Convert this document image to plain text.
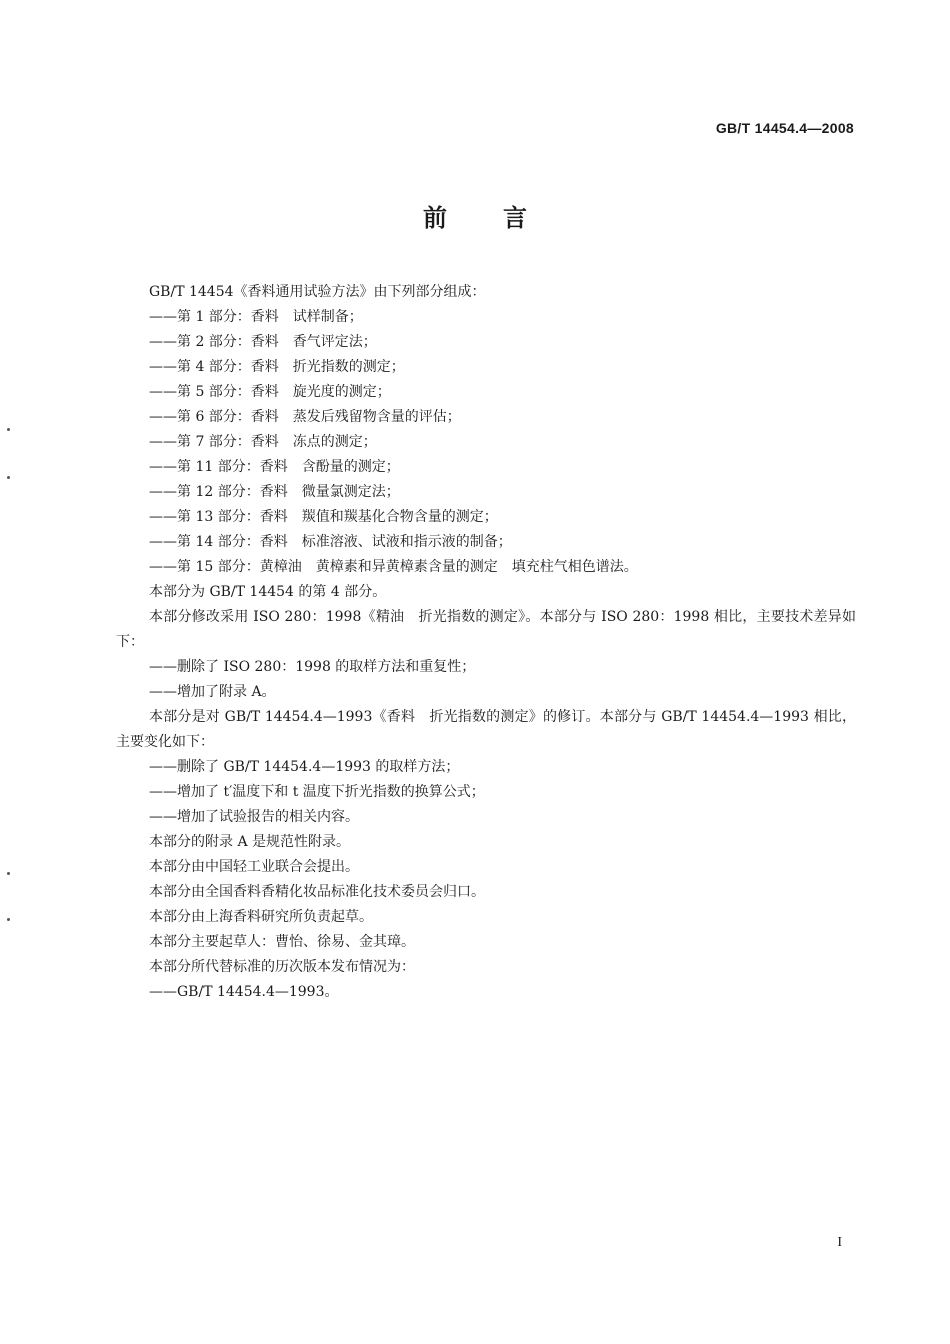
GB/T 14454.4—2008
前言

GB/T 14454《香料通用试验方法》由下列部分组成：

——第 1 部分：香料　试样制备；

——第 2 部分：香料　香气评定法；

——第 4 部分：香料　折光指数的测定；

——第 5 部分：香料　旋光度的测定；

——第 6 部分：香料　蒸发后残留物含量的评估；

——第 7 部分：香料　冻点的测定；

——第 11 部分：香料　含酚量的测定；

——第 12 部分：香料　微量氯测定法；

——第 13 部分：香料　羰值和羰基化合物含量的测定；

——第 14 部分：香料　标准溶液、试液和指示液的制备；

——第 15 部分：黄樟油　黄樟素和异黄樟素含量的测定　填充柱气相色谱法。

本部分为 GB/T 14454 的第 4 部分。

本部分修改采用 ISO 280：1998《精油　折光指数的测定》。本部分与 ISO 280：1998 相比，主要技术差异如下：

——删除了 ISO 280：1998 的取样方法和重复性；

——增加了附录 A。

本部分是对 GB/T 14454.4—1993《香料　折光指数的测定》的修订。本部分与 GB/T 14454.4—1993 相比，主要变化如下：

——删除了 GB/T 14454.4—1993 的取样方法；

——增加了 t′温度下和 t 温度下折光指数的换算公式；

——增加了试验报告的相关内容。

本部分的附录 A 是规范性附录。

本部分由中国轻工业联合会提出。

本部分由全国香料香精化妆品标准化技术委员会归口。

本部分由上海香料研究所负责起草。

本部分主要起草人：曹怡、徐易、金其璋。

本部分所代替标准的历次版本发布情况为：

——GB/T 14454.4—1993。

I
